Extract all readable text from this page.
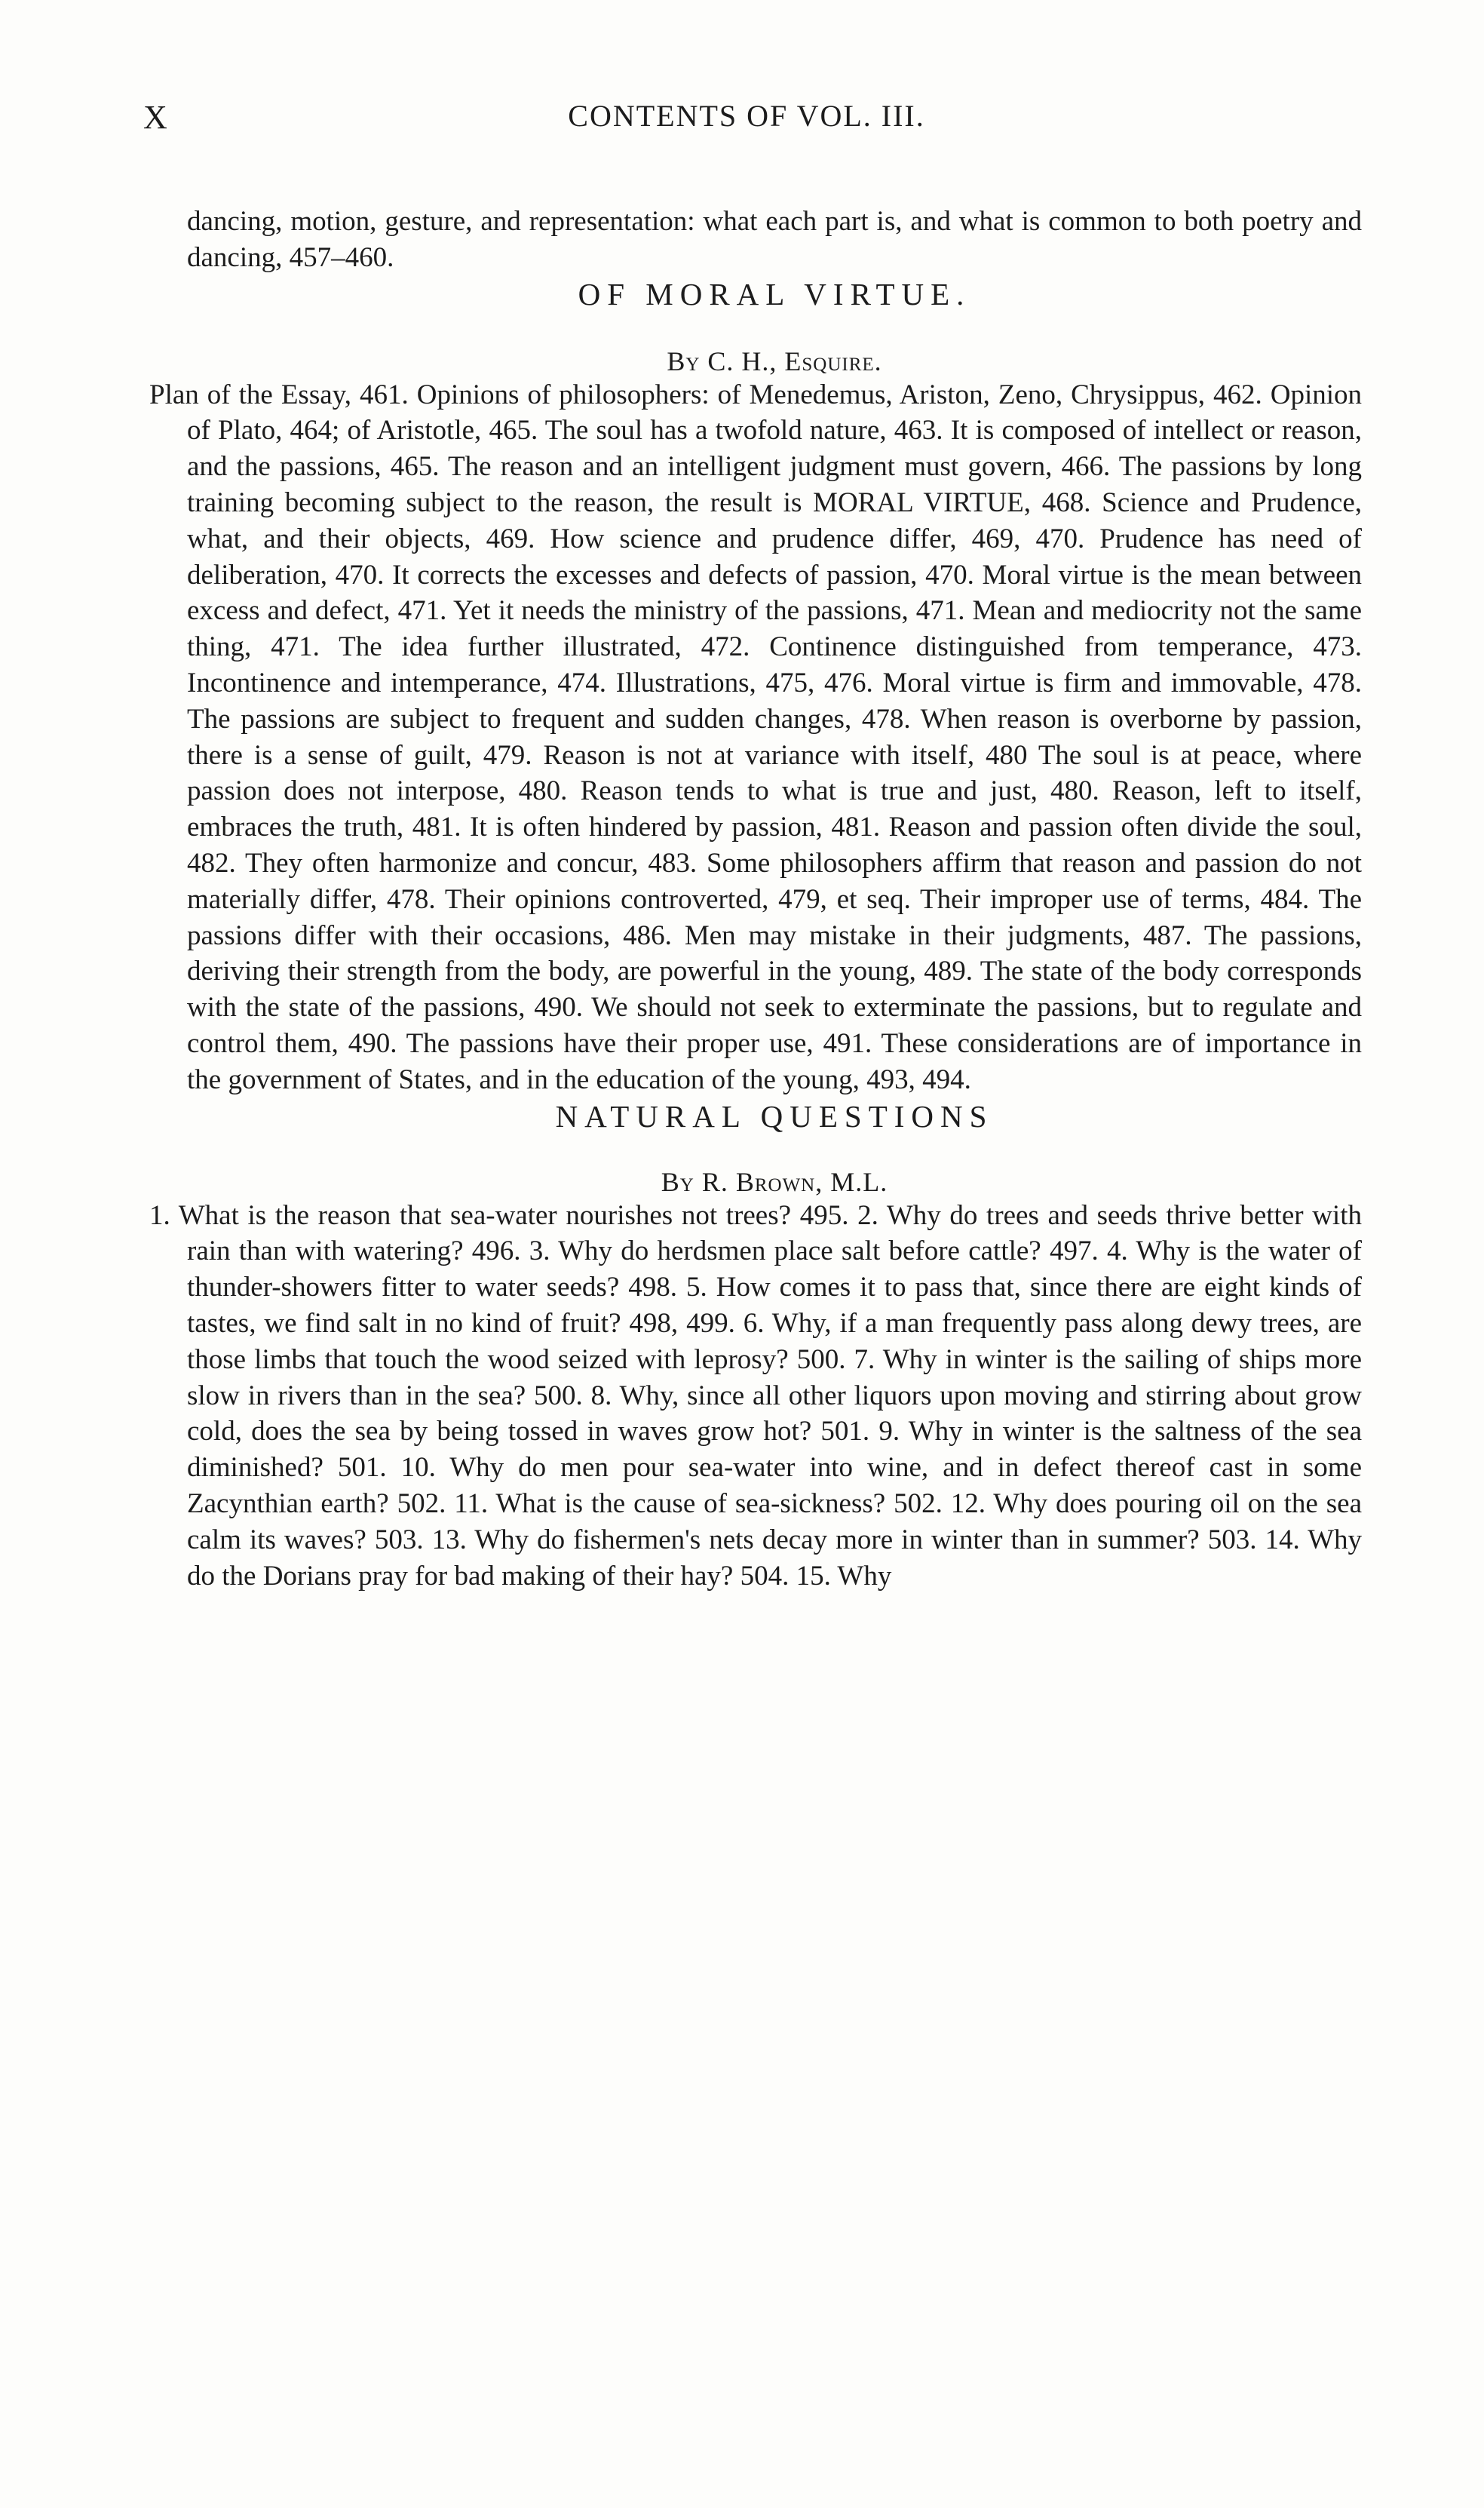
X	CONTENTS OF VOL. III.

dancing, motion, gesture, and representation: what each part is, and what is common to both poetry and dancing, 457–460.

OF MORAL VIRTUE.

By C. H., Esquire.

Plan of the Essay, 461. Opinions of philosophers: of Menedemus, Ariston, Zeno, Chrysippus, 462. Opinion of Plato, 464; of Aristotle, 465. The soul has a twofold nature, 463. It is composed of intellect or reason, and the passions, 465. The reason and an intelligent judgment must govern, 466. The passions by long training becoming subject to the reason, the result is MORAL VIRTUE, 468. Science and Prudence, what, and their objects, 469. How science and prudence differ, 469, 470. Prudence has need of deliberation, 470. It corrects the excesses and defects of passion, 470. Moral virtue is the mean between excess and defect, 471. Yet it needs the ministry of the passions, 471. Mean and mediocrity not the same thing, 471. The idea further illustrated, 472. Continence distinguished from temperance, 473. Incontinence and intemperance, 474. Illustrations, 475, 476. Moral virtue is firm and immovable, 478. The passions are subject to frequent and sudden changes, 478. When reason is overborne by passion, there is a sense of guilt, 479. Reason is not at variance with itself, 480 The soul is at peace, where passion does not interpose, 480. Reason tends to what is true and just, 480. Reason, left to itself, embraces the truth, 481. It is often hindered by passion, 481. Reason and passion often divide the soul, 482. They often harmonize and concur, 483. Some philosophers affirm that reason and passion do not materially differ, 478. Their opinions controverted, 479, et seq. Their improper use of terms, 484. The passions differ with their occasions, 486. Men may mistake in their judgments, 487. The passions, deriving their strength from the body, are powerful in the young, 489. The state of the body corresponds with the state of the passions, 490. We should not seek to exterminate the passions, but to regulate and control them, 490. The passions have their proper use, 491. These considerations are of importance in the government of States, and in the education of the young, 493, 494.

NATURAL QUESTIONS

By R. Brown, M.L.

1. What is the reason that sea-water nourishes not trees? 495. 2. Why do trees and seeds thrive better with rain than with watering? 496. 3. Why do herdsmen place salt before cattle? 497. 4. Why is the water of thunder-showers fitter to water seeds? 498. 5. How comes it to pass that, since there are eight kinds of tastes, we find salt in no kind of fruit? 498, 499. 6. Why, if a man frequently pass along dewy trees, are those limbs that touch the wood seized with leprosy? 500. 7. Why in winter is the sailing of ships more slow in rivers than in the sea? 500. 8. Why, since all other liquors upon moving and stirring about grow cold, does the sea by being tossed in waves grow hot? 501. 9. Why in winter is the saltness of the sea diminished? 501. 10. Why do men pour sea-water into wine, and in defect thereof cast in some Zacynthian earth? 502. 11. What is the cause of sea-sickness? 502. 12. Why does pouring oil on the sea calm its waves? 503. 13. Why do fishermen's nets decay more in winter than in summer? 503. 14. Why do the Dorians pray for bad making of their hay? 504. 15. Why
